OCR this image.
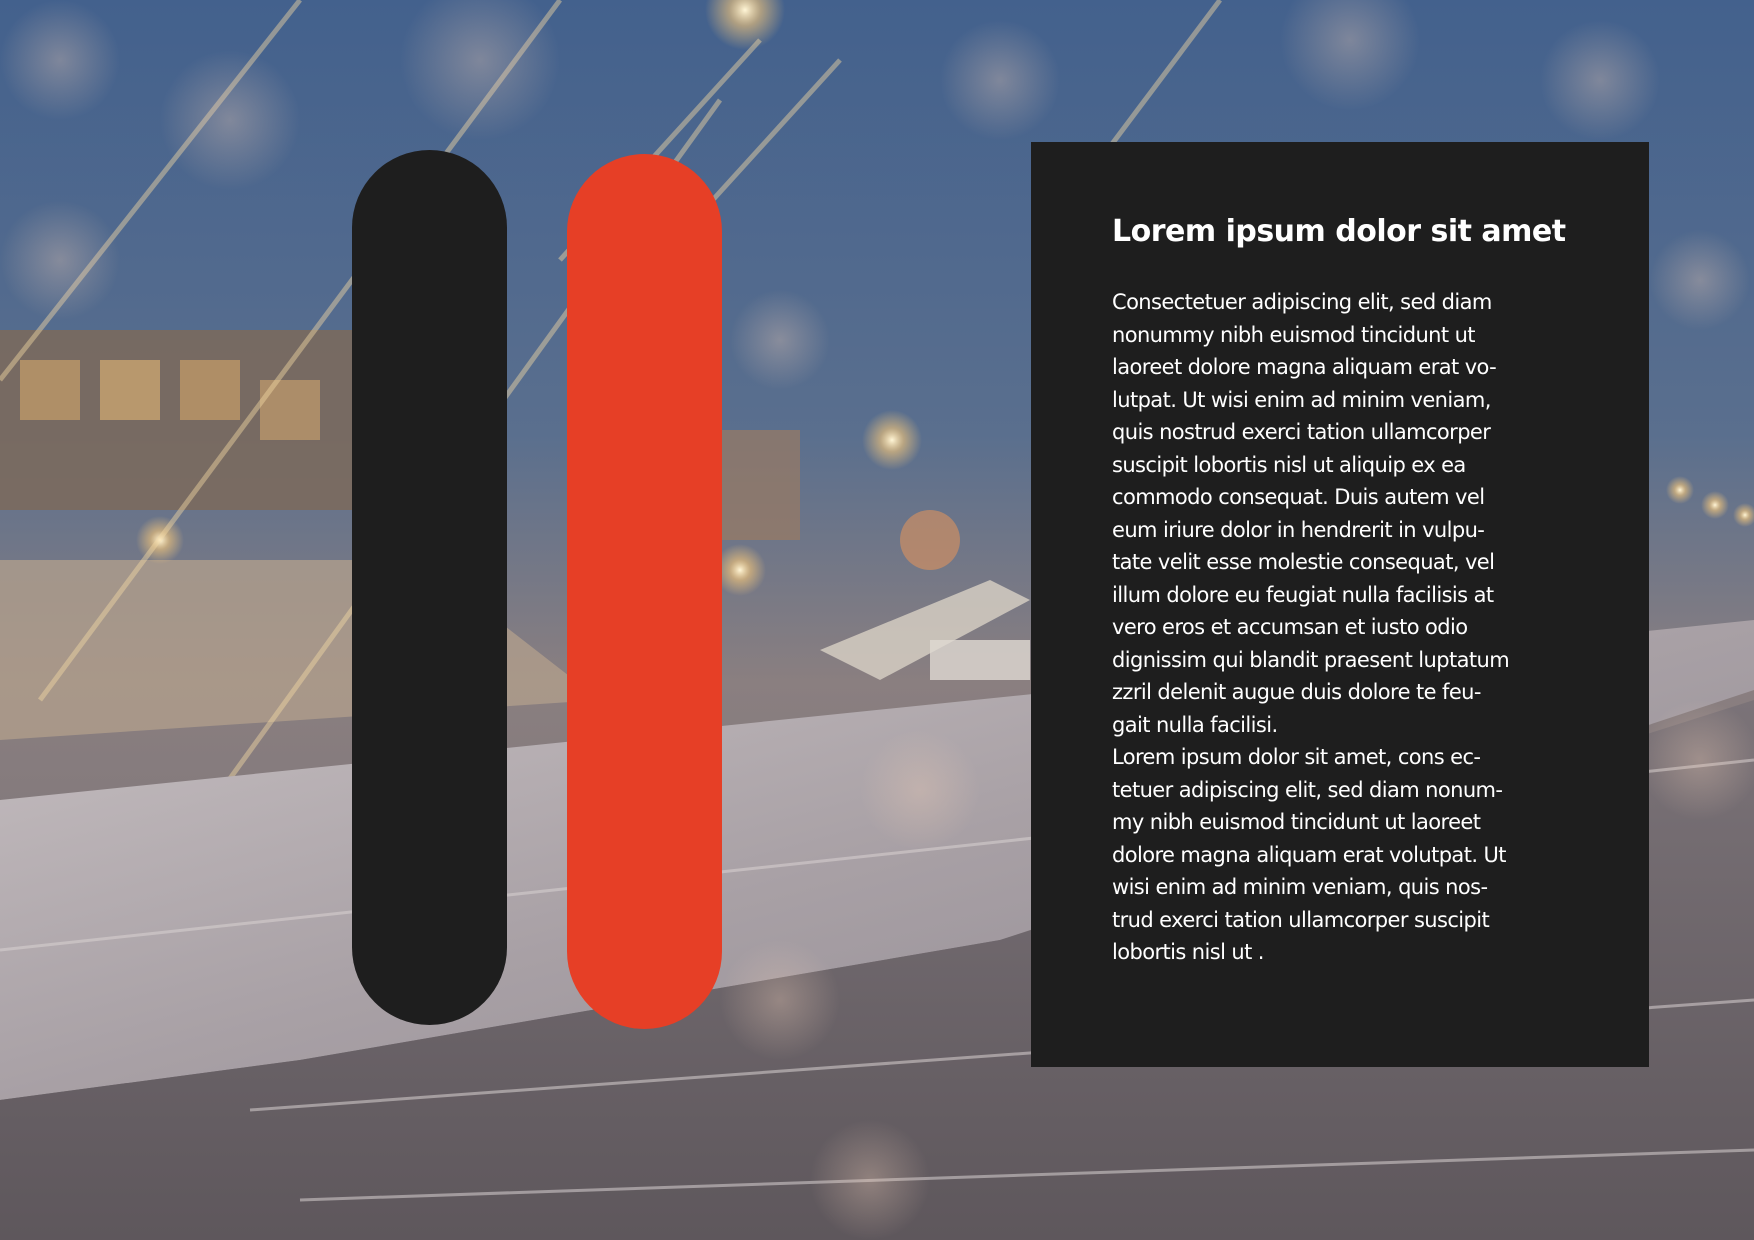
Lorem ipsum dolor sit amet

Consectetuer adipiscing elit, sed diam
nonummy nibh euismod tincidunt ut
laoreet dolore magna aliquam erat vo-
lutpat. Ut wisi enim ad minim veniam,
quis nostrud exerci tation ullamcorper
suscipit lobortis nisl ut aliquip ex ea
commodo consequat. Duis autem vel
eum iriure dolor in hendrerit in vulpu-
tate velit esse molestie consequat, vel
illum dolore eu feugiat nulla facilisis at
vero eros et accumsan et iusto odio
dignissim qui blandit praesent luptatum
zzril delenit augue duis dolore te feu-
gait nulla facilisi.

Lorem ipsum dolor sit amet, cons ec-
tetuer adipiscing elit, sed diam nonum-
my nibh euismod tincidunt ut laoreet
dolore magna aliquam erat volutpat. Ut
wisi enim ad minim veniam, quis nos-
trud exerci tation ullamcorper suscipit
lobortis nisl ut .
